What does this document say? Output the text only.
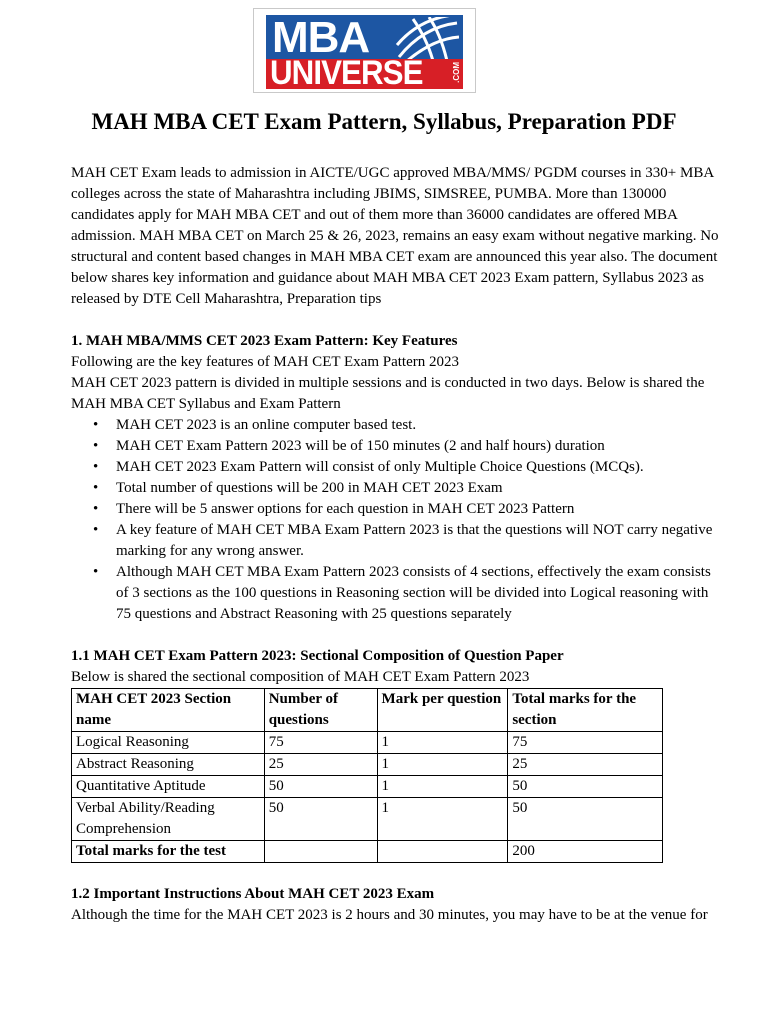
MBA
UNIVERSE	.COM
MAH MBA CET Exam Pattern, Syllabus, Preparation PDF

MAH CET Exam leads to admission in AICTE/UGC approved MBA/MMS/ PGDM courses in 330+ MBA colleges across the state of Maharashtra including JBIMS, SIMSREE, PUMBA. More than 130000 candidates apply for MAH MBA CET and out of them more than 36000 candidates are offered MBA admission. MAH MBA CET on March 25 & 26, 2023, remains an easy exam without negative marking. No structural and content based changes in MAH MBA CET exam are announced this year also. The document below shares key information and guidance about MAH MBA CET 2023 Exam pattern, Syllabus 2023 as released by DTE Cell Maharashtra, Preparation tips

1. MAH MBA/MMS CET 2023 Exam Pattern: Key Features

Following are the key features of MAH CET Exam Pattern 2023

MAH CET 2023 pattern is divided in multiple sessions and is conducted in two days. Below is shared the MAH MBA CET Syllabus and Exam Pattern

• MAH CET 2023 is an online computer based test.
• MAH CET Exam Pattern 2023 will be of 150 minutes (2 and half hours) duration
• MAH CET 2023 Exam Pattern will consist of only Multiple Choice Questions (MCQs).
• Total number of questions will be 200 in MAH CET 2023 Exam
• There will be 5 answer options for each question in MAH CET 2023 Pattern
• A key feature of MAH CET MBA Exam Pattern 2023 is that the questions will NOT carry negative marking for any wrong answer.
• Although MAH CET MBA Exam Pattern 2023 consists of 4 sections, effectively the exam consists of 3 sections as the 100 questions in Reasoning section will be divided into Logical reasoning with 75 questions and Abstract Reasoning with 25 questions separately
1.1 MAH CET Exam Pattern 2023: Sectional Composition of Question Paper

Below is shared the sectional composition of MAH CET Exam Pattern 2023

MAH CET 2023 Section name	Number of questions	Mark per question	Total marks for the section
Logical Reasoning	75	1	75
Abstract Reasoning	25	1	25
Quantitative Aptitude	50	1	50
Verbal Ability/Reading Comprehension	50	1	50
Total marks for the test			200
1.2 Important Instructions About MAH CET 2023 Exam

Although the time for the MAH CET 2023 is 2 hours and 30 minutes, you may have to be at the venue for
